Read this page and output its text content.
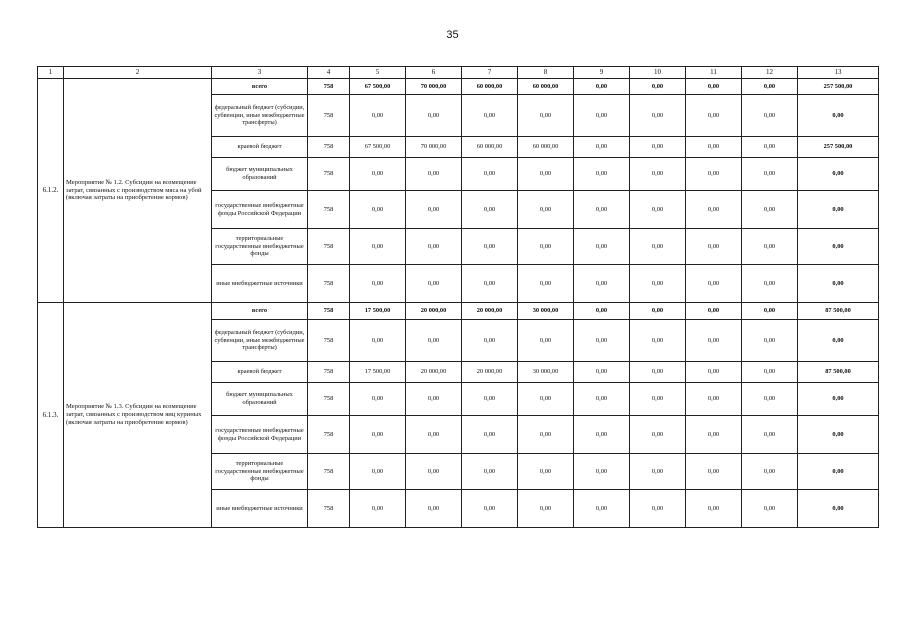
35
1	2	3	4	5	6	7	8	9	10	11	12	13
6.1.2.	Мероприятие № 1.2. Субсидии на возмещение затрат, связанных с производством мяса на убой (включая затраты на приобретение кормов)	всего	758	67 500,00	70 000,00	60 000,00	60 000,00	0,00	0,00	0,00	0,00	257 500,00
		федеральный бюджет (субсидии, субвенции, иные межбюджетные трансферты)	758	0,00	0,00	0,00	0,00	0,00	0,00	0,00	0,00	0,00
		краевой бюджет	758	67 500,00	70 000,00	60 000,00	60 000,00	0,00	0,00	0,00	0,00	257 500,00
		бюджет муниципальных образований	758	0,00	0,00	0,00	0,00	0,00	0,00	0,00	0,00	0,00
		государственные внебюджетные фонды Российской Федерации	758	0,00	0,00	0,00	0,00	0,00	0,00	0,00	0,00	0,00
		территориальные государственные внебюджетные фонды	758	0,00	0,00	0,00	0,00	0,00	0,00	0,00	0,00	0,00
		иные внебюджетные источники	758	0,00	0,00	0,00	0,00	0,00	0,00	0,00	0,00	0,00
6.1.3.	Мероприятие № 1.3. Субсидии на возмещение затрат, связанных с производством яиц куриных (включая затраты на приобретение кормов)	всего	758	17 500,00	20 000,00	20 000,00	30 000,00	0,00	0,00	0,00	0,00	87 500,00
		федеральный бюджет (субсидии, субвенции, иные межбюджетные трансферты)	758	0,00	0,00	0,00	0,00	0,00	0,00	0,00	0,00	0,00
		краевой бюджет	758	17 500,00	20 000,00	20 000,00	30 000,00	0,00	0,00	0,00	0,00	87 500,00
		бюджет муниципальных образований	758	0,00	0,00	0,00	0,00	0,00	0,00	0,00	0,00	0,00
		государственные внебюджетные фонды Российской Федерации	758	0,00	0,00	0,00	0,00	0,00	0,00	0,00	0,00	0,00
		территориальные государственные внебюджетные фонды	758	0,00	0,00	0,00	0,00	0,00	0,00	0,00	0,00	0,00
		иные внебюджетные источники	758	0,00	0,00	0,00	0,00	0,00	0,00	0,00	0,00	0,00
